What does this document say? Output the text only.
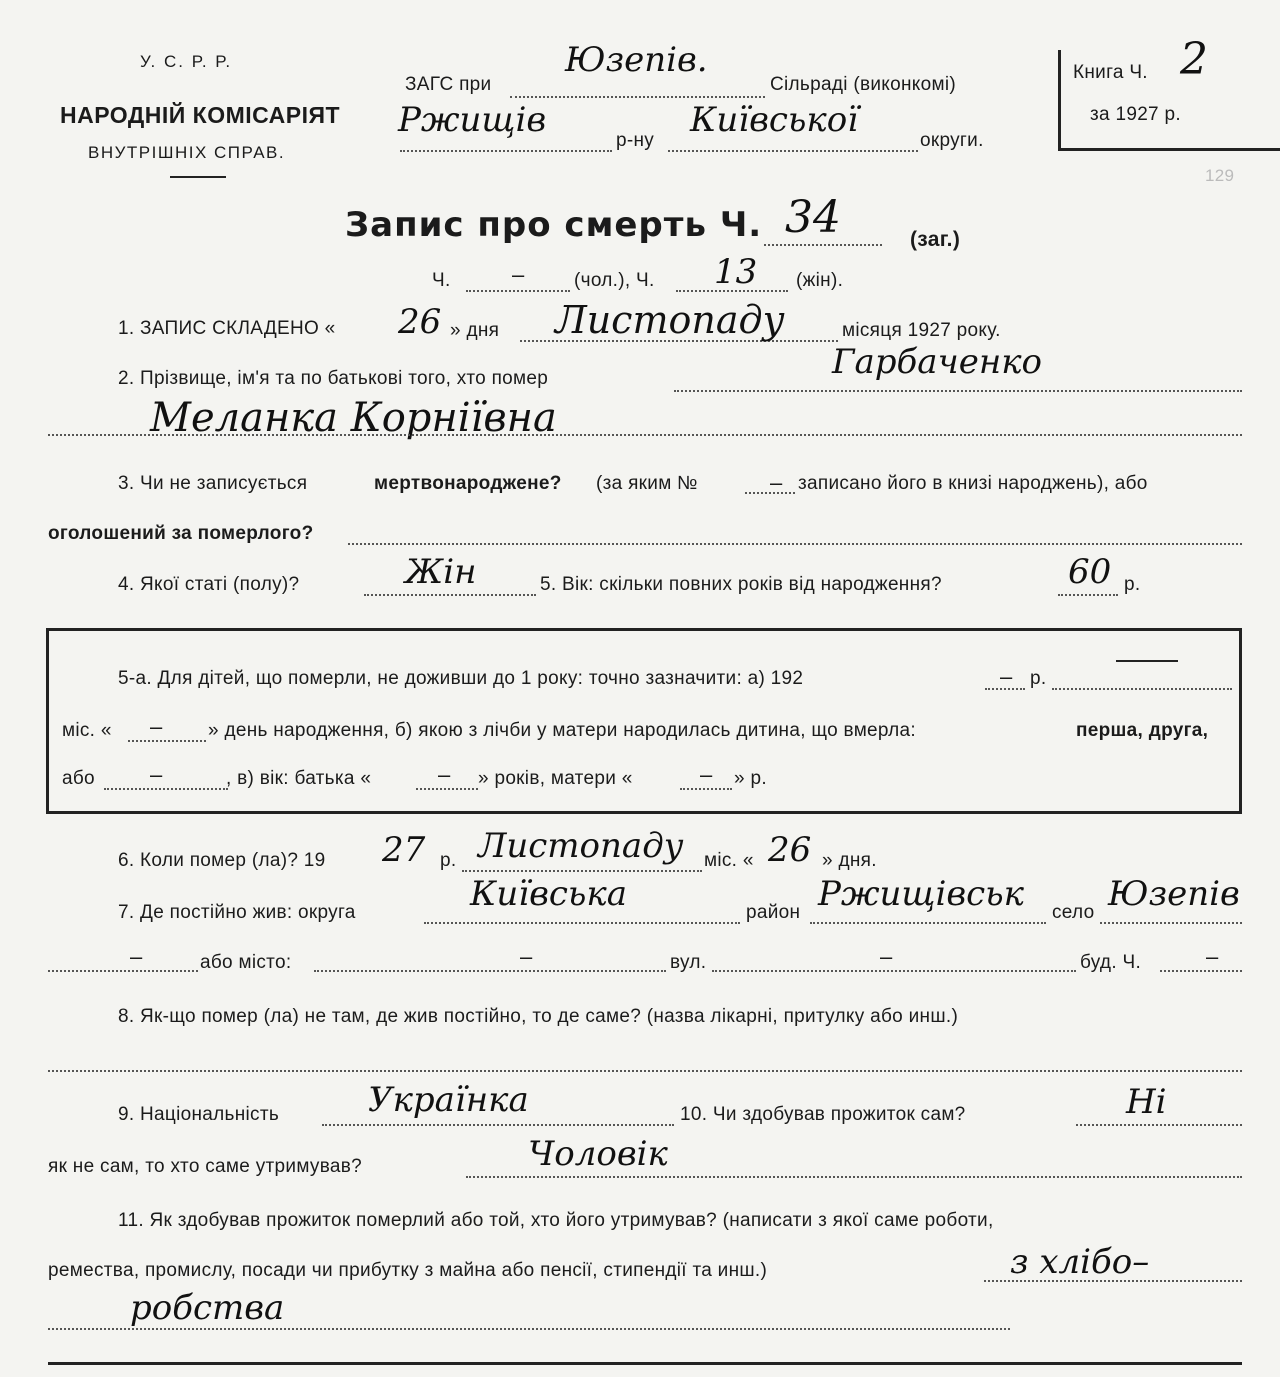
У. С. Р. Р.
НАРОДНІЙ КОМІСАРІЯТ
ВНУТРІШНІХ СПРАВ.
ЗАГС при
Юзепів.
Сільраді (виконкомі)
Ржищів
р-ну
Київської
округи.
Книга Ч. 2
за 1927 р.
129
Запис про смерть Ч. 34	(заг.)
Ч.	–	(чол.), Ч. 13 (жін).
1. ЗАПИС СКЛАДЕНО « 26 » дня Листопаду	місяця 1927 року.
2. Прізвище, ім'я та по батькові того, хто помер	Гарбаченко
Меланка Корніївна
3. Чи не записується	мертвонароджене? (за яким №	– записано його в книзі народжень), або
оголошений за померлого?
4. Якої статі (полу)?	Жін	5. Вік: скільки повних років від народження?	60 р.
5-а. Для дітей, що померли, не доживши до 1 року: точно зазначити: а) 192	– р.
міс. « – » день народження, б) якою з лічби у матери народилась дитина, що вмерла:	перша, друга,
або	–	, в) вік: батька «	– » років, матери «	– » р.
6. Коли помер (ла)? 19 27 р. Листопаду міс. « 26 » дня.
7. Де постійно жив: округа	Київська	район Ржищівськ село Юзепів
–	або місто:	–	вул.	–	буд. Ч.	–
8. Як-що помер (ла) не там, де жив постійно, то де саме? (назва лікарні, притулку або инш.)
9. Національність	Українка	10. Чи здобував прожиток сам?	Ні
як не сам, то хто саме утримував?	Чоловік
11. Як здобував прожиток померлий або той, хто його утримував? (написати з якої саме роботи,
ремества, промислу, посади чи прибутку з майна або пенсії, стипендії та инш.)	з хлібо–
робства
